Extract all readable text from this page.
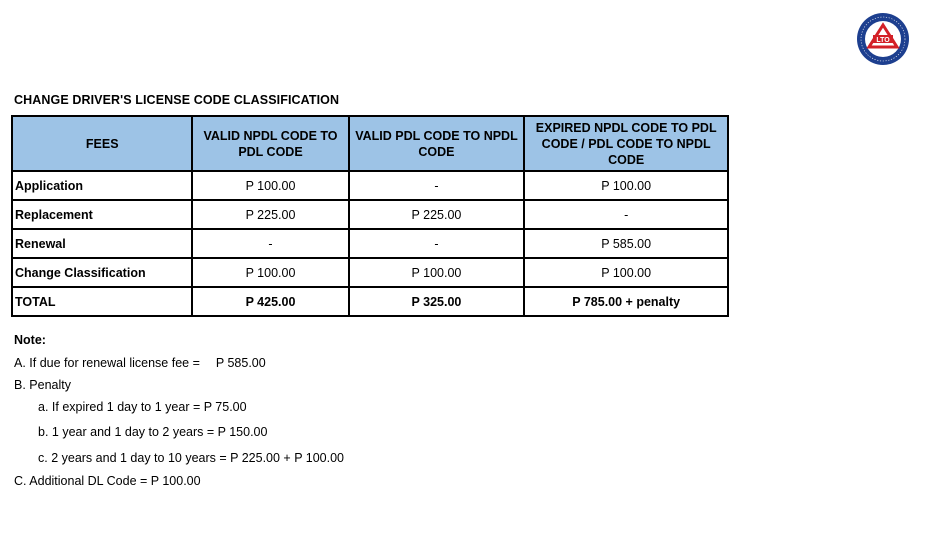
LTO
CHANGE DRIVER'S LICENSE CODE CLASSIFICATION
FEES	VALID NPDL CODE TO PDL CODE	VALID PDL CODE TO NPDL CODE	EXPIRED NPDL CODE TO PDL CODE / PDL CODE TO NPDL CODE
Application	P 100.00	-	P 100.00
Replacement	P 225.00	P 225.00	-
Renewal	-	-	P 585.00
Change Classification	P 100.00	P 100.00	P 100.00
TOTAL	P 425.00	P 325.00	P 785.00 + penalty
Note:
A. If due for renewal license fee = P 585.00
B. Penalty
a. If expired 1 day to 1 year = P 75.00
b. 1 year and 1 day to 2 years = P 150.00
c. 2 years and 1 day to 10 years = P 225.00 + P 100.00
C. Additional DL Code = P 100.00
